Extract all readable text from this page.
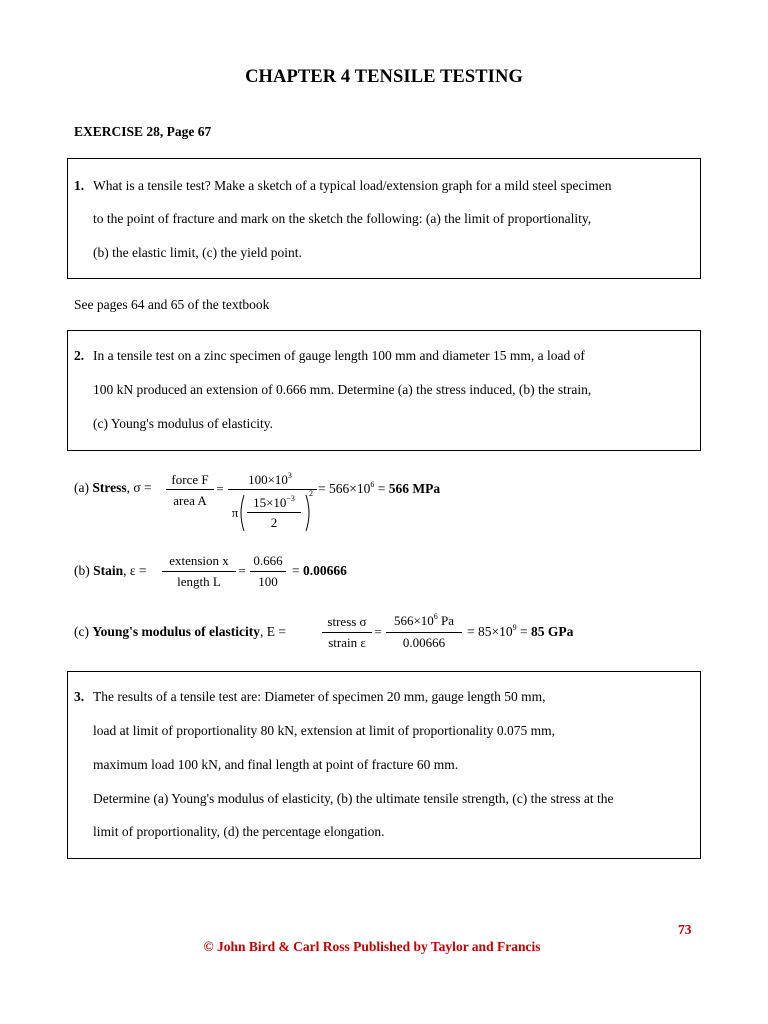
CHAPTER 4 TENSILE TESTING
EXERCISE 28, Page 67
1. What is a tensile test? Make a sketch of a typical load/extension graph for a mild steel specimen
to the point of fracture and mark on the sketch the following: (a) the limit of proportionality,
(b) the elastic limit, (c) the yield point.
See pages 64 and 65 of the textbook
2. In a tensile test on a zinc specimen of gauge length 100 mm and diameter 15 mm, a load of
100 kN produced an extension of 0.666 mm. Determine (a) the stress induced, (b) the strain,
(c) Young's modulus of elasticity.
(a) Stress, σ =
force F
area A
=
$100\times 10^3$
π
$15\times 10^{-3}$
2
$2 = 566\times 10^6 = 566$ MPa
(b) Stain, ε =
extension x
length L
=
0.666
100
= 0.00666
(c) Young's modulus of elasticity, E =
stress σ
strain ε
=
$566\times 10^6$ Pa
0.00666
= $85\times 10^9 = 85$ GPa
3. The results of a tensile test are: Diameter of specimen 20 mm, gauge length 50 mm,
load at limit of proportionality 80 kN, extension at limit of proportionality 0.075 mm,
maximum load 100 kN, and final length at point of fracture 60 mm.
Determine (a) Young's modulus of elasticity, (b) the ultimate tensile strength, (c) the stress at the
limit of proportionality, (d) the percentage elongation.
73
© John Bird & Carl Ross Published by Taylor and Francis
